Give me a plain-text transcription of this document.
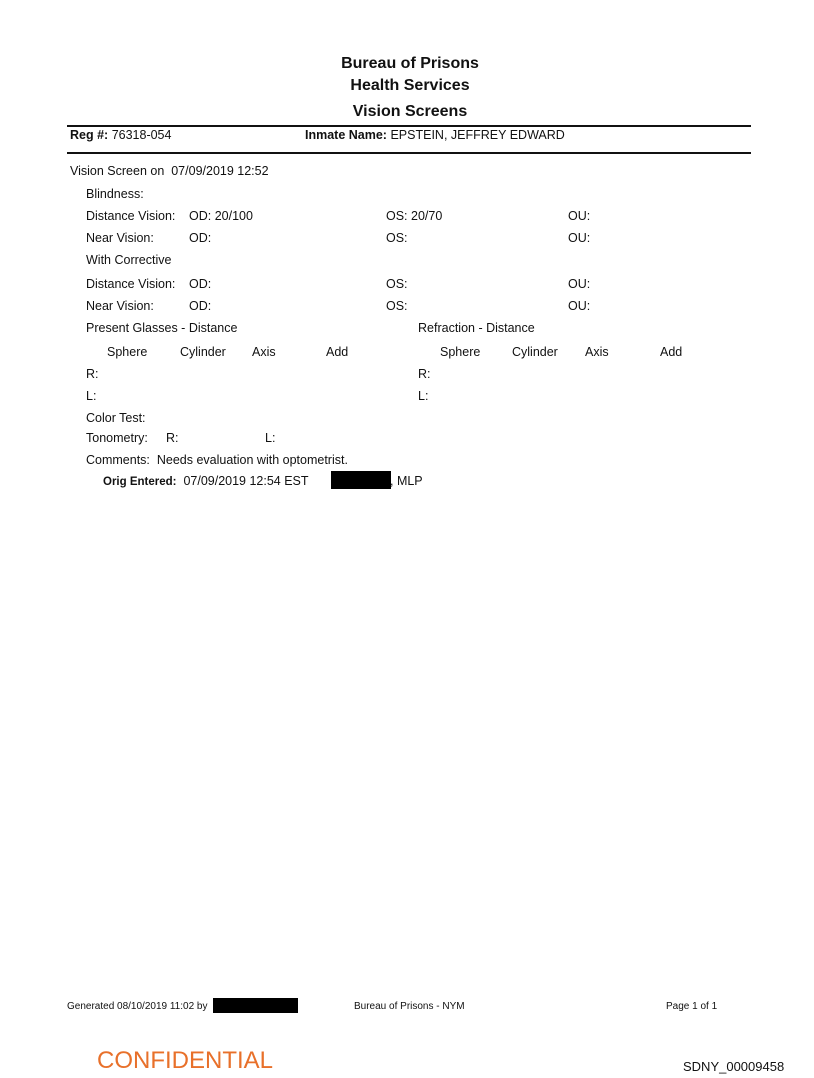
Bureau of Prisons
Health Services
Vision Screens
Reg #: 76318-054	Inmate Name: EPSTEIN, JEFFREY EDWARD
Vision Screen on 07/09/2019 12:52
Blindness:
Distance Vision: OD: 20/100	OS: 20/70	OU:
Near Vision:	OD:	OS:	OU:
With Corrective
Distance Vision: OD:	OS:	OU:
Near Vision:	OD:	OS:	OU:
Present Glasses - Distance	Refraction - Distance
Sphere	Cylinder Axis	Add	Sphere	Cylinder Axis	Add
R:	R:
L:	L:
Color Test:
Tonometry: R:	L:
Comments: Needs evaluation with optometrist.
Orig Entered: 07/09/2019 12:54 EST	, MLP
Generated 08/10/2019 11:02 by	Bureau of Prisons - NYM	Page 1 of 1
CONFIDENTIAL	SDNY_00009458
